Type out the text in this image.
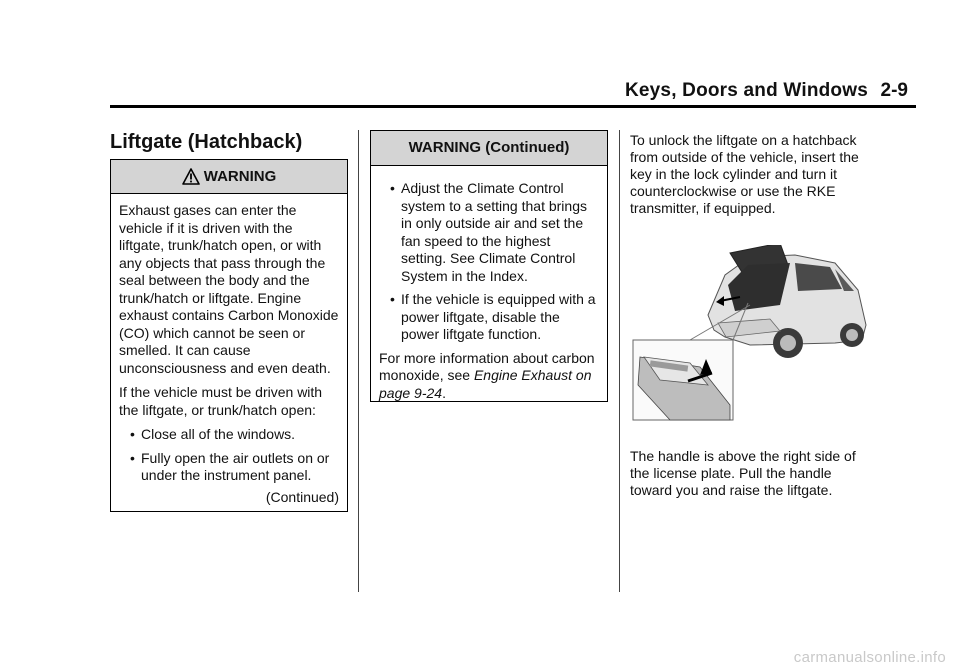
Keys, Doors and Windows 2-9
Liftgate (Hatchback)
WARNING

Exhaust gases can enter the vehicle if it is driven with the liftgate, trunk/hatch open, or with any objects that pass through the seal between the body and the trunk/hatch or liftgate. Engine exhaust contains Carbon Monoxide (CO) which cannot be seen or smelled. It can cause unconsciousness and even death.

If the vehicle must be driven with the liftgate, or trunk/hatch open:

• Close all of the windows.
• Fully open the air outlets on or under the instrument panel.
(Continued)
WARNING (Continued)
• Adjust the Climate Control system to a setting that brings in only outside air and set the fan speed to the highest setting. See Climate Control System in the Index.
• If the vehicle is equipped with a power liftgate, disable the power liftgate function.

For more information about carbon monoxide, see Engine Exhaust on page 9-24.

To unlock the liftgate on a hatchback from outside of the vehicle, insert the key in the lock cylinder and turn it counterclockwise or use the RKE transmitter, if equipped.

The handle is above the right side of the license plate. Pull the handle toward you and raise the liftgate.

carmanualsonline.info
